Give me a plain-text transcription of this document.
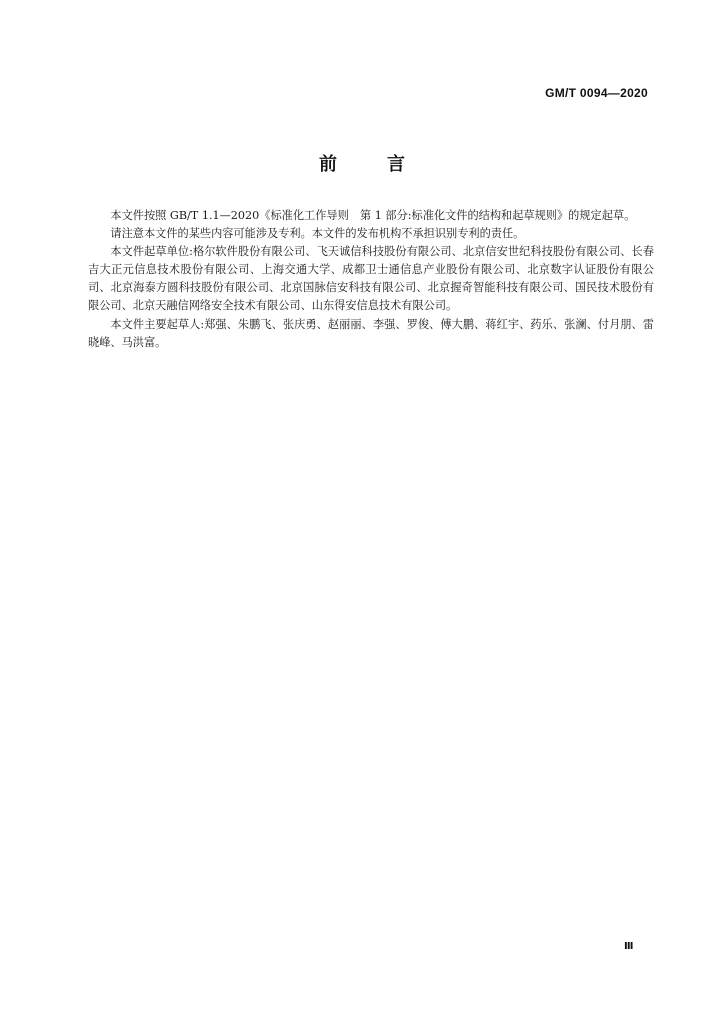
GM/T 0094—2020
前	言

本文件按照 GB/T 1.1—2020《标准化工作导则　第 1 部分:标准化文件的结构和起草规则》的规定起草。

请注意本文件的某些内容可能涉及专利。本文件的发布机构不承担识别专利的责任。

本文件起草单位:格尔软件股份有限公司、飞天诚信科技股份有限公司、北京信安世纪科技股份有限公司、长春吉大正元信息技术股份有限公司、上海交通大学、成都卫士通信息产业股份有限公司、北京数字认证股份有限公司、北京海泰方圆科技股份有限公司、北京国脉信安科技有限公司、北京握奇智能科技有限公司、国民技术股份有限公司、北京天融信网络安全技术有限公司、山东得安信息技术有限公司。

本文件主要起草人:郑强、朱鹏飞、张庆勇、赵丽丽、李强、罗俊、傅大鹏、蒋红宇、药乐、张澜、付月朋、雷晓峰、马洪富。

Ⅲ
